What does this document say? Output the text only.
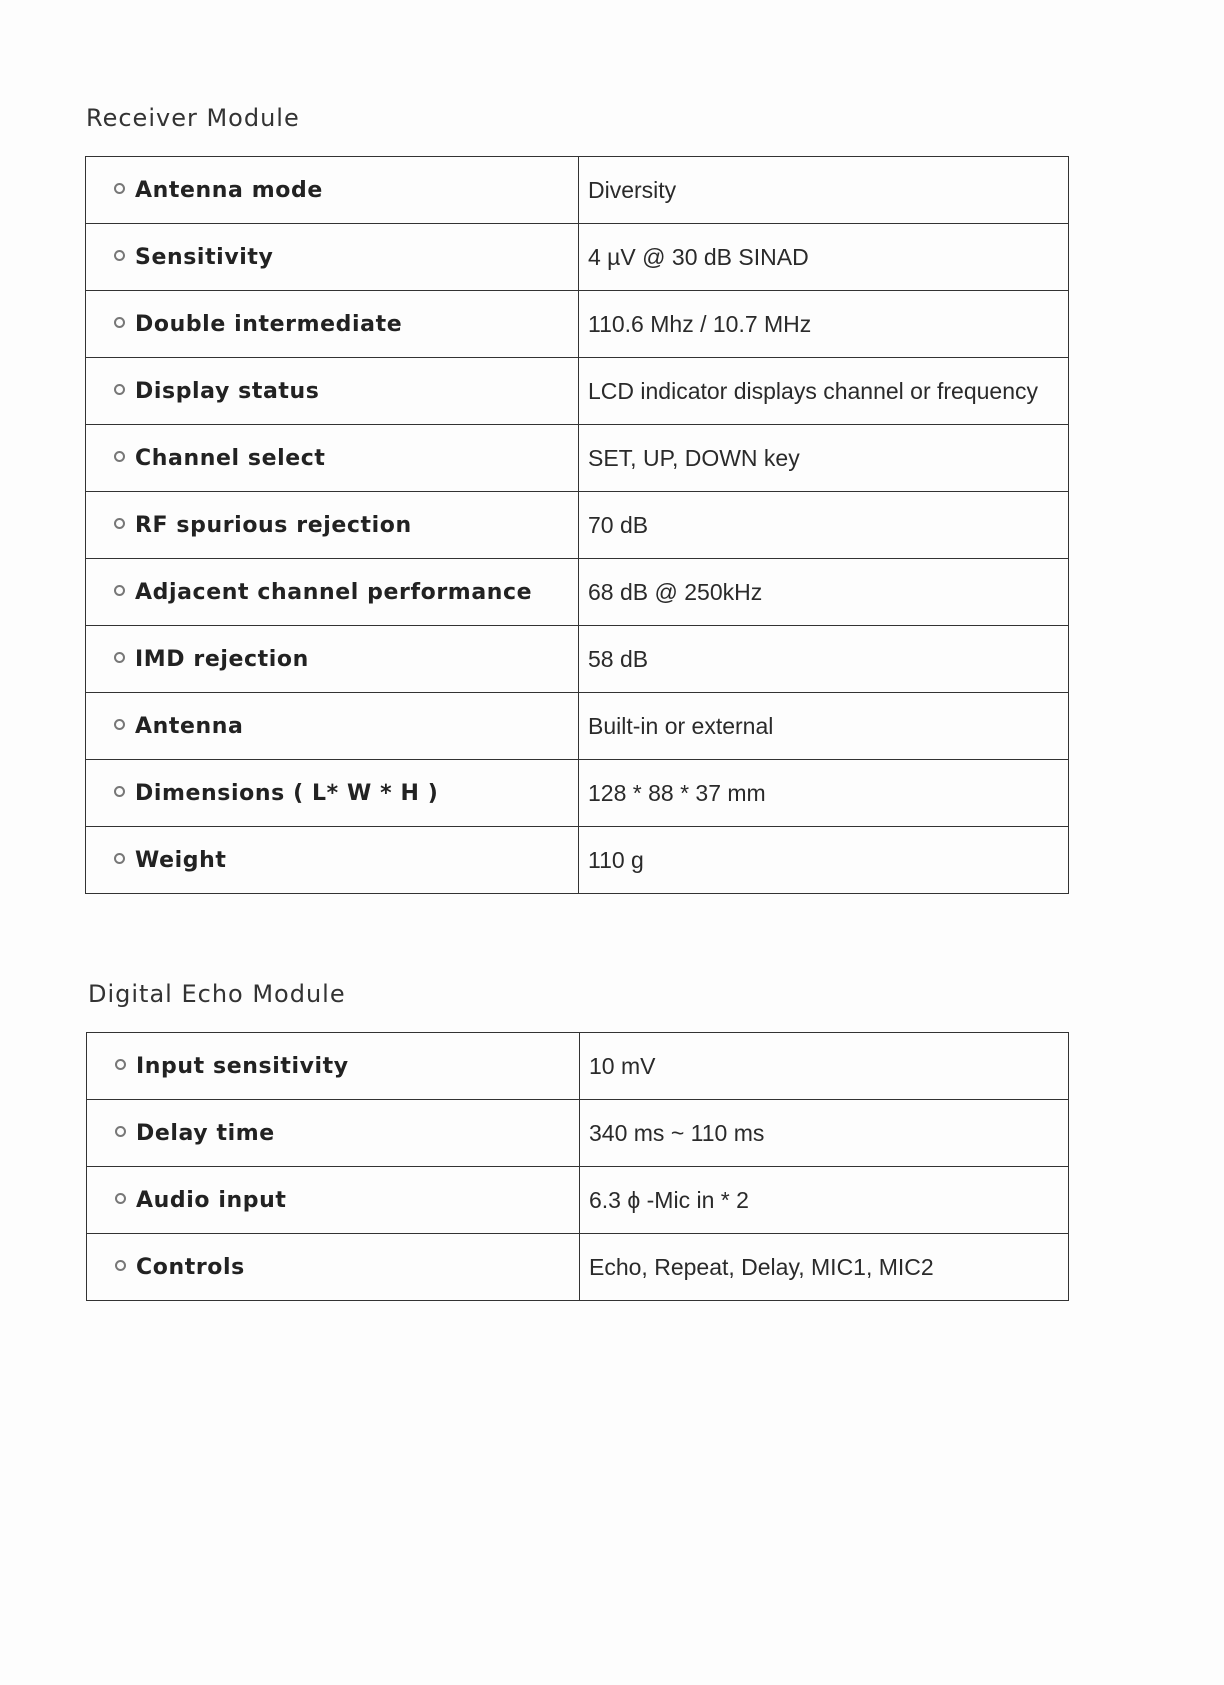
Receiver Module
Antenna mode	Diversity
Sensitivity	4 µV @ 30 dB SINAD
Double intermediate	110.6 Mhz / 10.7 MHz
Display status	LCD indicator displays channel or frequency
Channel select	SET, UP, DOWN key
RF spurious rejection	70 dB
Adjacent channel performance	68 dB @ 250kHz
IMD rejection	58 dB
Antenna	Built-in or external
Dimensions ( L* W * H )	128 * 88 * 37 mm
Weight	110 g
Digital Echo Module
Input sensitivity	10 mV
Delay time	340 ms ~ 110 ms
Audio input	6.3 ϕ -Mic in * 2
Controls	Echo, Repeat, Delay, MIC1, MIC2
